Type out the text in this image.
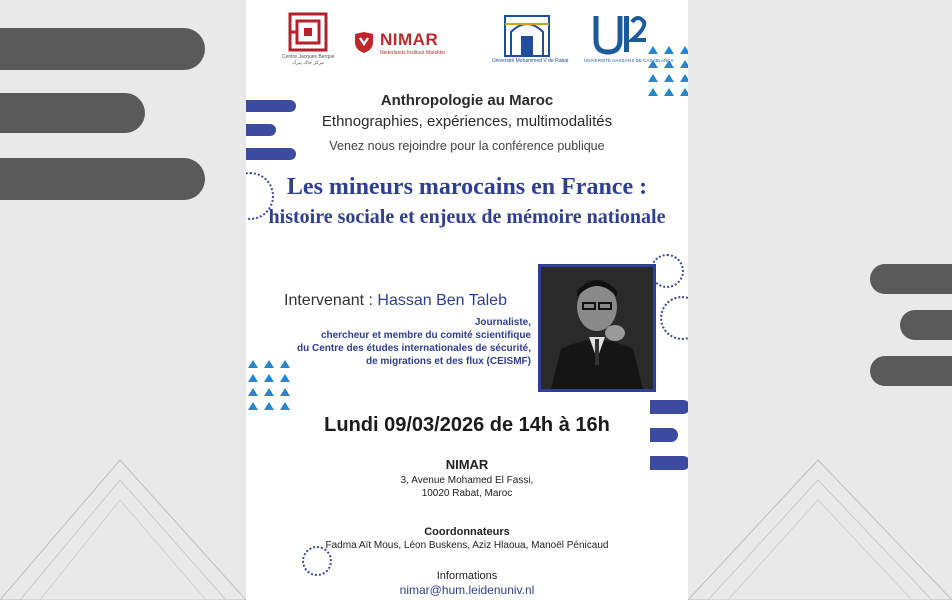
Centre Jacques Berque
مركز جاك بيرك
NIMAR
Nederlands Instituut Marokko
Université Mohammed V de Rabat	UNIVERSITÉ HASSAN II DE CASABLANCA
Anthropologie au Maroc
Ethnographies, expériences, multimodalités
Venez nous rejoindre pour la conférence publique
Les mineurs marocains en France :
histoire sociale et enjeux de mémoire nationale
Intervenant : Hassan Ben Taleb
Journaliste,
chercheur et membre du comité scientifique
du Centre des études internationales de sécurité,
de migrations et des flux (CEISMF)
Lundi 09/03/2026 de 14h à 16h
NIMAR
3, Avenue Mohamed El Fassi,
10020 Rabat, Maroc
Coordonnateurs
Fadma Aït Mous, Léon Buskens, Aziz Hlaoua, Manoël Pénicaud
Informations
nimar@hum.leidenuniv.nl
